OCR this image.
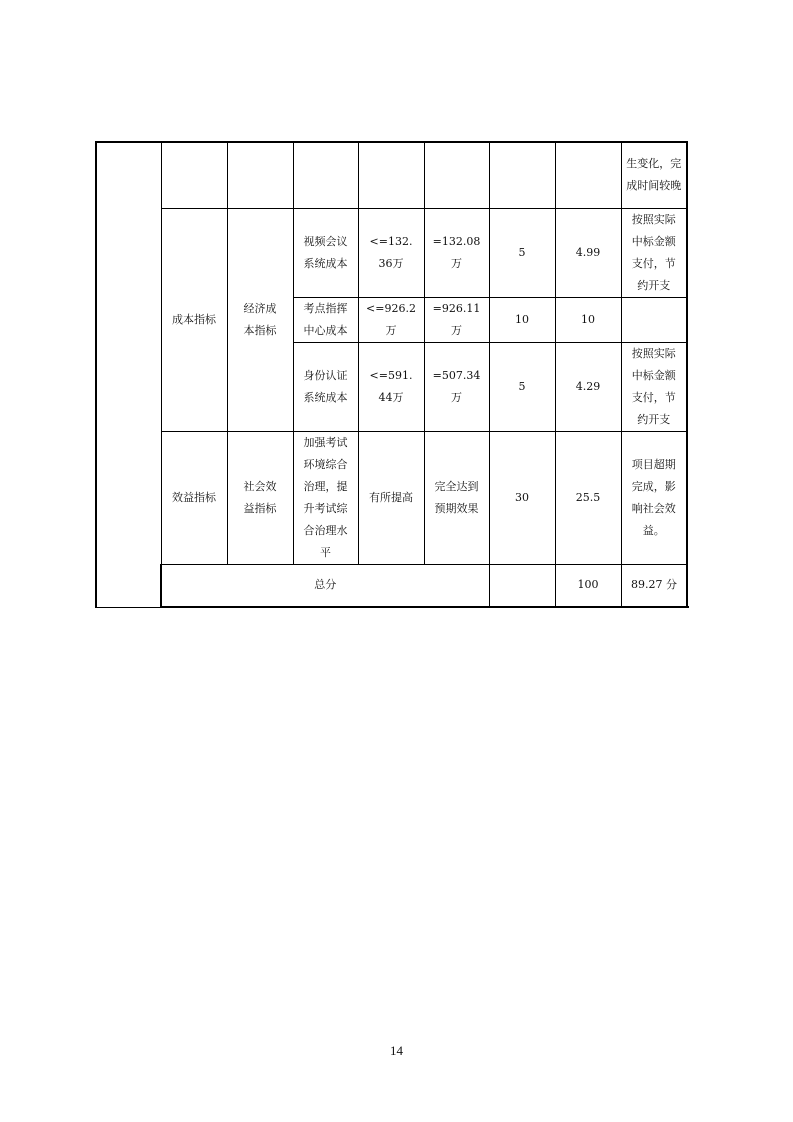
								生变化，完成时间较晚	

	成本指标	经济成本指标	视频会议系统成本	<=132.36万	=132.08 万	5	4.99	按照实际中标金额支付，节约开支	

			考点指挥中心成本	<=926.2 万	=926.11 万	10	10		

			身份认证系统成本	<=591.44万	=507.34 万	5	4.29	按照实际中标金额支付，节约开支	

	效益指标	社会效益指标	加强考试环境综合治理，提升考试综合治理水平	有所提高	完全达到预期效果	30	25.5	项目超期完成，影响社会效益。	

	总分						100	89.27 分	
14
